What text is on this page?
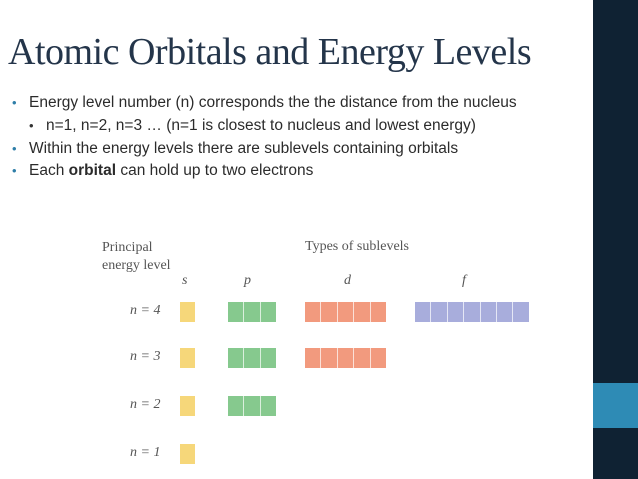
Atomic Orbitals and Energy Levels
• Energy level number (n) corresponds the the distance from the nucleus
• n=1, n=2, n=3 … (n=1 is closest to nucleus and lowest energy)
• Within the energy levels there are sublevels containing orbitals
• Each orbital can hold up to two electrons
Principal
energy level
Types of sublevels
s	p	d	f
n = 4
n = 3
n = 2
n = 1
